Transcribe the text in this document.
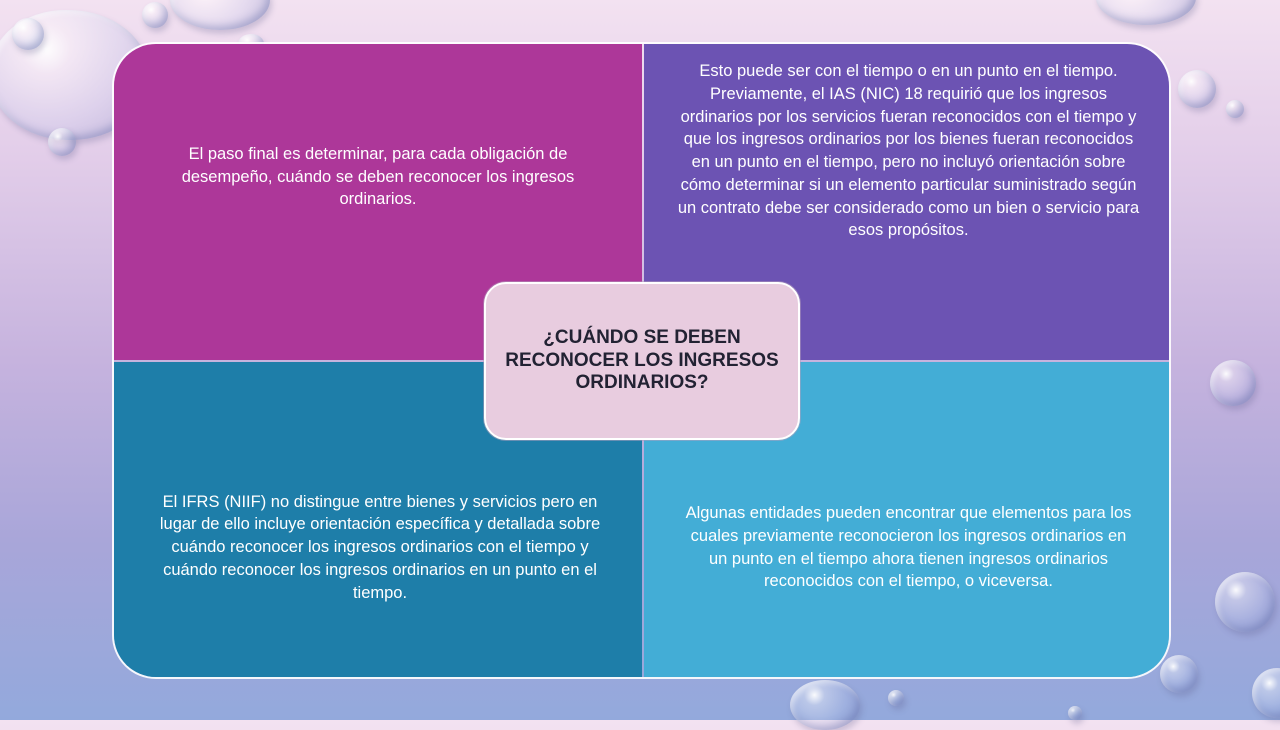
El paso final es determinar, para cada obligación de desempeño, cuándo se deben reconocer los ingresos ordinarios.
Esto puede ser con el tiempo o en un punto en el tiempo. Previamente, el IAS (NIC) 18 requirió que los ingresos ordinarios por los servicios fueran reconocidos con el tiempo y que los ingresos ordinarios por los bienes fueran reconocidos en un punto en el tiempo, pero no incluyó orientación sobre cómo determinar si un elemento particular suministrado según un contrato debe ser considerado como un bien o servicio para esos propósitos.
El IFRS (NIIF) no distingue entre bienes y servicios pero en lugar de ello incluye orientación específica y detallada sobre cuándo reconocer los ingresos ordinarios con el tiempo y cuándo reconocer los ingresos ordinarios en un punto en el tiempo.
Algunas entidades pueden encontrar que elementos para los cuales previamente reconocieron los ingresos ordinarios en un punto en el tiempo ahora tienen ingresos ordinarios reconocidos con el tiempo, o viceversa.
¿CUÁNDO SE DEBEN RECONOCER LOS INGRESOS ORDINARIOS?
